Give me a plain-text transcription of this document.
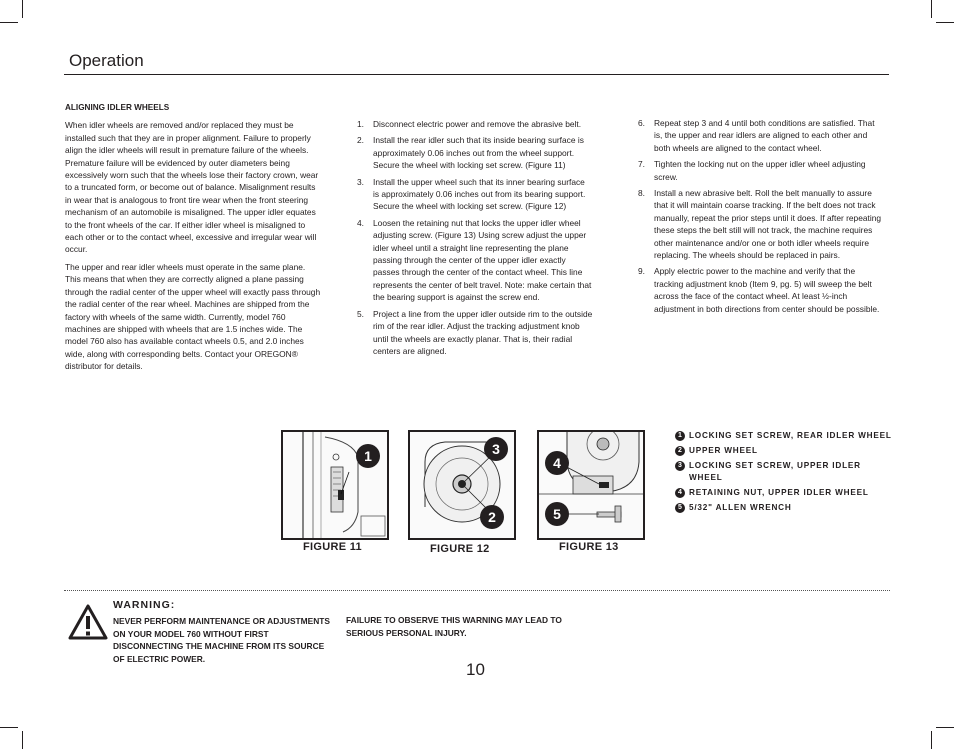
Operation
ALIGNING IDLER WHEELS

When idler wheels are removed and/or replaced they must be installed such that they are in proper alignment. Failure to properly align the idler wheels will result in premature failure of the wheels. Premature failure will be evidenced by outer diameters being excessively worn such that the wheels lose their factory crown, wear to a truncated form, or become out of balance. Misalignment results in wear that is analogous to front tire wear when the front steering mechanism of an automobile is misaligned. The upper idler equates to the front wheels of the car. If either idler wheel is misaligned to each other or to the contact wheel, excessive and irregular wear will occur.

The upper and rear idler wheels must operate in the same plane. This means that when they are correctly aligned a plane passing through the radial center of the upper wheel will exactly pass through the radial center of the rear wheel. Machines are shipped from the factory with wheels of the same width. Currently, model 760 machines are shipped with wheels that are 1.5 inches wide. The model 760 also has available contact wheels 0.5, and 2.0 inches wide, along with corresponding belts. Contact your OREGON® distributor for details.

1. Disconnect electric power and remove the abrasive belt.
2. Install the rear idler such that its inside bearing surface is approximately 0.06 inches out from the wheel support. Secure the wheel with locking set screw. (Figure 11)
3. Install the upper wheel such that its inner bearing surface is approximately 0.06 inches out from its bearing support. Secure the wheel with locking set screw. (Figure 12)
4. Loosen the retaining nut that locks the upper idler wheel adjusting screw. (Figure 13) Using screw adjust the upper idler wheel until a straight line representing the plane passing through the center of the upper idler exactly passes through the center of the contact wheel. This line represents the center of belt travel. Note: make certain that the bearing support is against the screw end.
5. Project a line from the upper idler outside rim to the outside rim of the rear idler. Adjust the tracking adjustment knob until the wheels are exactly planar. That is, their radial centers are aligned.
6. Repeat step 3 and 4 until both conditions are satisfied. That is, the upper and rear idlers are aligned to each other and both wheels are aligned to the contact wheel.
7. Tighten the locking nut on the upper idler wheel adjusting screw.
8. Install a new abrasive belt. Roll the belt manually to assure that it will maintain coarse tracking. If the belt does not track manually, repeat the prior steps until it does. If after repeating these steps the belt still will not track, the machine requires other maintenance and/or one or both idler wheels require replacing. The wheels should be replaced in pairs.
9. Apply electric power to the machine and verify that the tracking adjustment knob (Item 9, pg. 5) will sweep the belt across the face of the contact wheel. At least ½-inch adjustment in both directions from center should be possible.
1
FIGURE 11
3
2
FIGURE 12
4
5
FIGURE 13
1 LOCKING SET SCREW, REAR IDLER WHEEL
2 UPPER WHEEL
3 LOCKING SET SCREW, UPPER IDLER WHEEL
4 RETAINING NUT, UPPER IDLER WHEEL
5 5/32" ALLEN WRENCH
WARNING:
NEVER PERFORM MAINTENANCE OR ADJUSTMENTS ON YOUR MODEL 760 WITHOUT FIRST DISCONNECTING THE MACHINE FROM ITS SOURCE OF ELECTRIC POWER.
FAILURE TO OBSERVE THIS WARNING MAY LEAD TO SERIOUS PERSONAL INJURY.
10
